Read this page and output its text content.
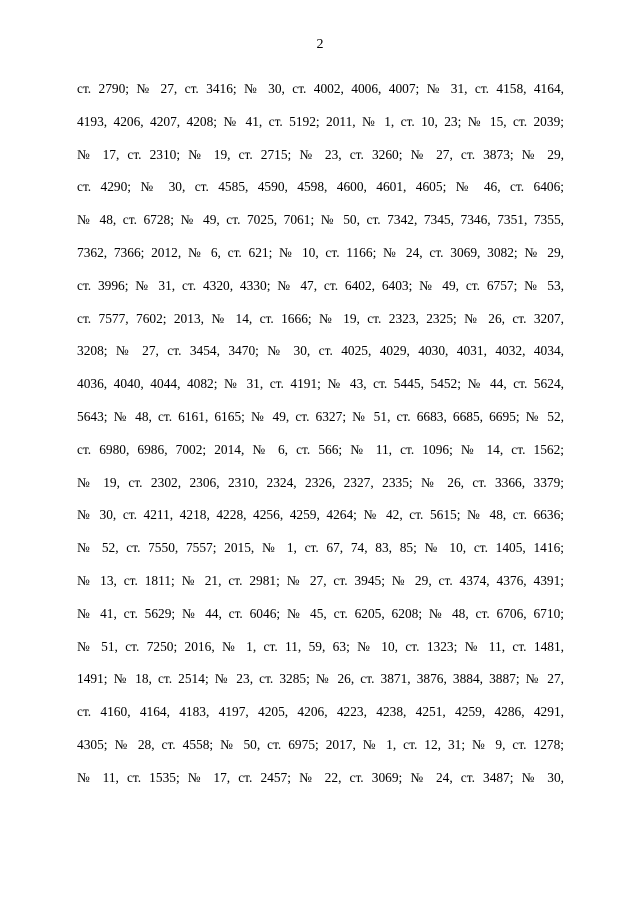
2
ст. 2790; № 27, ст. 3416; № 30, ст. 4002, 4006, 4007; № 31, ст. 4158, 4164,
4193, 4206, 4207, 4208; № 41, ст. 5192; 2011, № 1, ст. 10, 23; № 15, ст. 2039;
№ 17, ст. 2310; № 19, ст. 2715; № 23, ст. 3260; № 27, ст. 3873; № 29,
ст. 4290; № 30, ст. 4585, 4590, 4598, 4600, 4601, 4605; № 46, ст. 6406;
№ 48, ст. 6728; № 49, ст. 7025, 7061; № 50, ст. 7342, 7345, 7346, 7351, 7355,
7362, 7366; 2012, № 6, ст. 621; № 10, ст. 1166; № 24, ст. 3069, 3082; № 29,
ст. 3996; № 31, ст. 4320, 4330; № 47, ст. 6402, 6403; № 49, ст. 6757; № 53,
ст. 7577, 7602; 2013, № 14, ст. 1666; № 19, ст. 2323, 2325; № 26, ст. 3207,
3208; № 27, ст. 3454, 3470; № 30, ст. 4025, 4029, 4030, 4031, 4032, 4034,
4036, 4040, 4044, 4082; № 31, ст. 4191; № 43, ст. 5445, 5452; № 44, ст. 5624,
5643; № 48, ст. 6161, 6165; № 49, ст. 6327; № 51, ст. 6683, 6685, 6695; № 52,
ст. 6980, 6986, 7002; 2014, № 6, ст. 566; № 11, ст. 1096; № 14, ст. 1562;
№ 19, ст. 2302, 2306, 2310, 2324, 2326, 2327, 2335; № 26, ст. 3366, 3379;
№ 30, ст. 4211, 4218, 4228, 4256, 4259, 4264; № 42, ст. 5615; № 48, ст. 6636;
№ 52, ст. 7550, 7557; 2015, № 1, ст. 67, 74, 83, 85; № 10, ст. 1405, 1416;
№ 13, ст. 1811; № 21, ст. 2981; № 27, ст. 3945; № 29, ст. 4374, 4376, 4391;
№ 41, ст. 5629; № 44, ст. 6046; № 45, ст. 6205, 6208; № 48, ст. 6706, 6710;
№ 51, ст. 7250; 2016, № 1, ст. 11, 59, 63; № 10, ст. 1323; № 11, ст. 1481,
1491; № 18, ст. 2514; № 23, ст. 3285; № 26, ст. 3871, 3876, 3884, 3887; № 27,
ст. 4160, 4164, 4183, 4197, 4205, 4206, 4223, 4238, 4251, 4259, 4286, 4291,
4305; № 28, ст. 4558; № 50, ст. 6975; 2017, № 1, ст. 12, 31; № 9, ст. 1278;
№ 11, ст. 1535; № 17, ст. 2457; № 22, ст. 3069; № 24, ст. 3487; № 30,
